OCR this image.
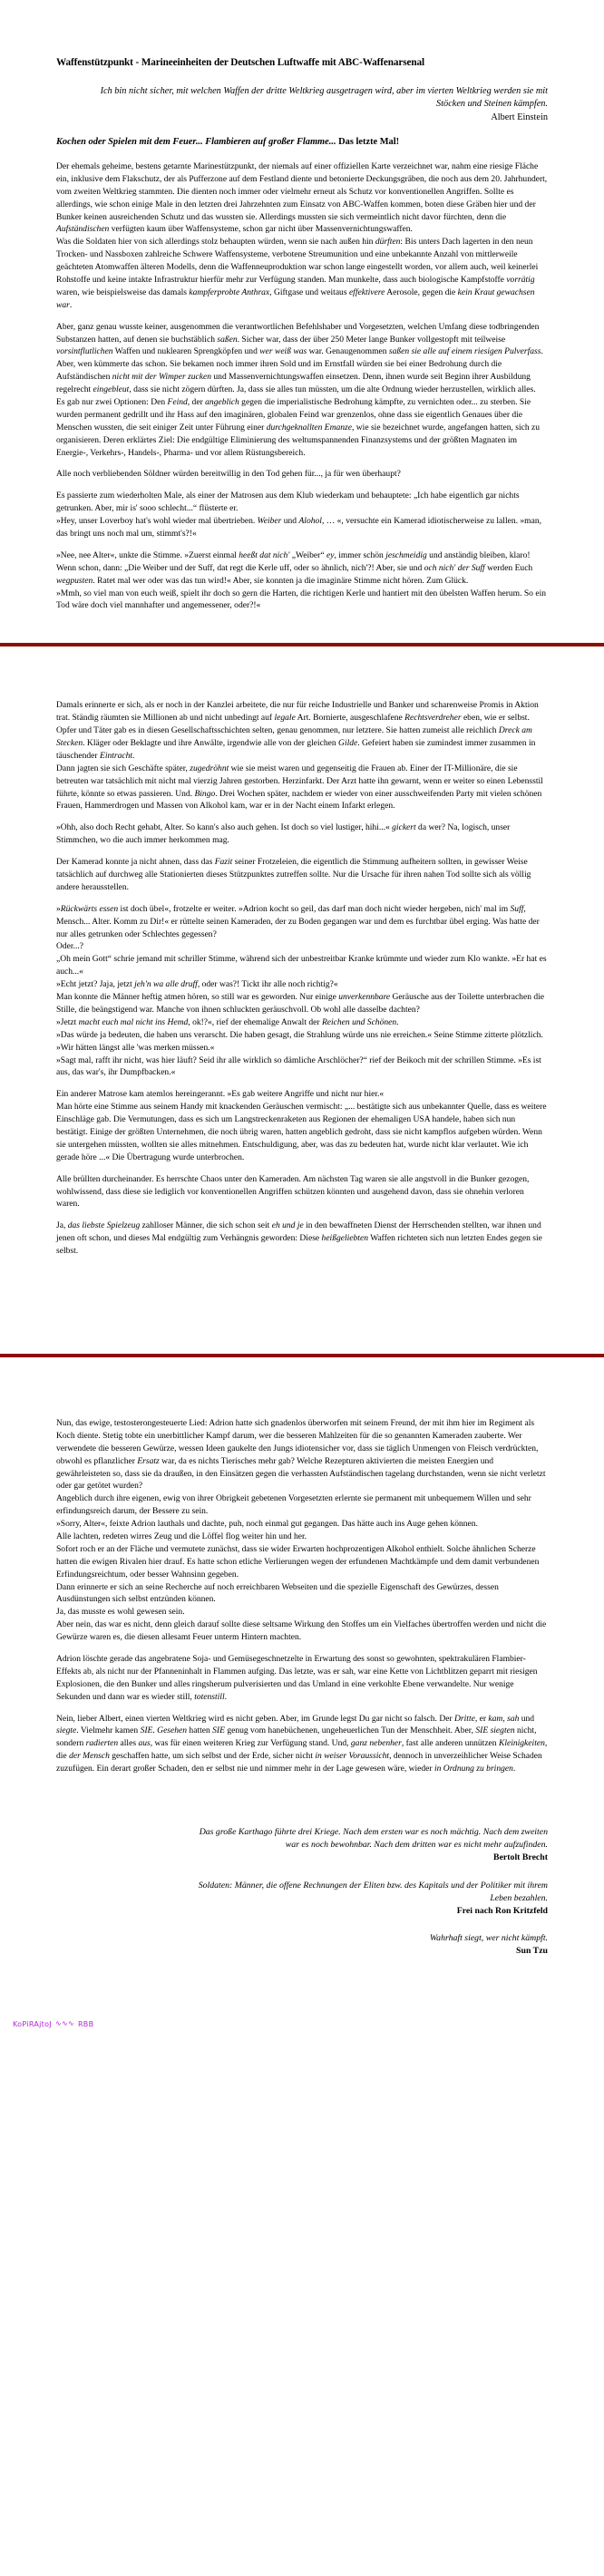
Waffenstützpunkt - Marineeinheiten der Deutschen Luftwaffe mit ABC-Waffenarsenal
Ich bin nicht sicher, mit welchen Waffen der dritte Weltkrieg ausgetragen wird, aber im vierten Weltkrieg werden sie mit Stöcken und Steinen kämpfen.
Albert Einstein
Kochen oder Spielen mit dem Feuer... Flambieren auf großer Flamme... Das letzte Mal!

Der ehemals geheime, bestens getarnte Marinestützpunkt, der niemals auf einer offiziellen Karte verzeichnet war, nahm eine riesige Fläche ein, inklusive dem Flakschutz, der als Pufferzone auf dem Festland diente und betonierte Deckungsgräben, die noch aus dem 20. Jahrhundert, vom zweiten Weltkrieg stammten. Die dienten noch immer oder vielmehr erneut als Schutz vor konventionellen Angriffen. Sollte es allerdings, wie schon einige Male in den letzten drei Jahrzehnten zum Einsatz von ABC-Waffen kommen, boten diese Gräben hier und der Bunker keinen ausreichenden Schutz und das wussten sie. Allerdings mussten sie sich vermeintlich nicht davor fürchten, denn die Aufständischen verfügten kaum über Waffensysteme, schon gar nicht über Massenvernichtungswaffen.

Was die Soldaten hier von sich allerdings stolz behaupten würden, wenn sie nach außen hin dürften: Bis unters Dach lagerten in den neun Trocken- und Nassboxen zahlreiche Schwere Waffensysteme, verbotene Streumunition und eine unbekannte Anzahl von mittlerweile geächteten Atomwaffen älteren Modells, denn die Waffenneuproduktion war schon lange eingestellt worden, vor allem auch, weil keinerlei Rohstoffe und keine intakte Infrastruktur hierfür mehr zur Verfügung standen. Man munkelte, dass auch biologische Kampfstoffe vorrätig waren, wie beispielsweise das damals kampferprobte Anthrax, Giftgase und weitaus effektivere Aerosole, gegen die kein Kraut gewachsen war.

Aber, ganz genau wusste keiner, ausgenommen die verantwortlichen Befehlshaber und Vorgesetzten, welchen Umfang diese todbringenden Substanzen hatten, auf denen sie buchstäblich saßen. Sicher war, dass der über 250 Meter lange Bunker vollgestopft mit teilweise vorsintflutlichen Waffen und nuklearen Sprengköpfen und wer weiß was war. Genaugenommen saßen sie alle auf einem riesigen Pulverfass. Aber, wen kümmerte das schon. Sie bekamen noch immer ihren Sold und im Ernstfall würden sie bei einer Bedrohung durch die Aufständischen nicht mit der Wimper zucken und Massenvernichtungswaffen einsetzen. Denn, ihnen wurde seit Beginn ihrer Ausbildung regelrecht eingebleut, dass sie nicht zögern dürften. Ja, dass sie alles tun müssten, um die alte Ordnung wieder herzustellen, wirklich alles.

Es gab nur zwei Optionen: Den Feind, der angeblich gegen die imperialistische Bedrohung kämpfte, zu vernichten oder... zu sterben. Sie wurden permanent gedrillt und ihr Hass auf den imaginären, globalen Feind war grenzenlos, ohne dass sie eigentlich Genaues über die Menschen wussten, die seit einiger Zeit unter Führung einer durchgeknallten Emanze, wie sie bezeichnet wurde, angefangen hatten, sich zu organisieren. Deren erklärtes Ziel: Die endgültige Eliminierung des weltumspannenden Finanzsystems und der größten Magnaten im Energie-, Verkehrs-, Handels-, Pharma- und vor allem Rüstungsbereich.

Alle noch verbliebenden Söldner würden bereitwillig in den Tod gehen für..., ja für wen überhaupt?

Es passierte zum wiederholten Male, als einer der Matrosen aus dem Klub wiederkam und behauptete: „Ich habe eigentlich gar nichts getrunken. Aber, mir is' sooo schlecht...“ flüsterte er.

»Hey, unser Loverboy hat's wohl wieder mal übertrieben. Weiber und Alohol, … «, versuchte ein Kamerad idiotischerweise zu lallen. »man, das bringt uns noch mal um, stimmt's?!«

»Nee, nee Alter«, unkte die Stimme. »Zuerst einmal heeßt dat nich' „Weiber“ ey, immer schön jeschmeidig und anständig bleiben, klaro! Wenn schon, dann: „Die Weiber und der Suff, dat regt die Kerle uff, oder so ähnlich, nich'?! Aber, sie und och nich' der Suff werden Euch wegpusten. Ratet mal wer oder was das tun wird!« Aber, sie konnten ja die imaginäre Stimme nicht hören. Zum Glück.

»Mmh, so viel man von euch weiß, spielt ihr doch so gern die Harten, die richtigen Kerle und hantiert mit den übelsten Waffen herum. So ein Tod wäre doch viel mannhafter und angemessener, oder?!«

Damals erinnerte er sich, als er noch in der Kanzlei arbeitete, die nur für reiche Industrielle und Banker und scharenweise Promis in Aktion trat. Ständig räumten sie Millionen ab und nicht unbedingt auf legale Art. Bornierte, ausgeschlafene Rechtsverdreher eben, wie er selbst. Opfer und Täter gab es in diesen Gesellschaftsschichten selten, genau genommen, nur letztere. Sie hatten zumeist alle reichlich Dreck am Stecken. Kläger oder Beklagte und ihre Anwälte, irgendwie alle von der gleichen Gilde. Gefeiert haben sie zumindest immer zusammen in täuschender Eintracht.

Dann jagten sie sich Geschäfte später, zugedröhnt wie sie meist waren und gegenseitig die Frauen ab. Einer der IT-Millionäre, die sie betreuten war tatsächlich mit nicht mal vierzig Jahren gestorben. Herzinfarkt. Der Arzt hatte ihn gewarnt, wenn er weiter so einen Lebensstil führte, könnte so etwas passieren. Und. Bingo. Drei Wochen später, nachdem er wieder von einer ausschweifenden Party mit vielen schönen Frauen, Hammerdrogen und Massen von Alkohol kam, war er in der Nacht einem Infarkt erlegen.

»Ohh, also doch Recht gehabt, Alter. So kann's also auch gehen. Ist doch so viel lustiger, hihi...« gickert da wer? Na, logisch, unser Stimmchen, wo die auch immer herkommen mag.

Der Kamerad konnte ja nicht ahnen, dass das Fazit seiner Frotzeleien, die eigentlich die Stimmung aufheitern sollten, in gewisser Weise tatsächlich auf durchweg alle Stationierten dieses Stützpunktes zutreffen sollte. Nur die Ursache für ihren nahen Tod sollte sich als völlig andere herausstellen.

»Rückwärts essen ist doch übel«, frotzelte er weiter. »Adrion kocht so geil, das darf man doch nicht wieder hergeben, nich' mal im Suff, Mensch... Alter. Komm zu Dir!« er rüttelte seinen Kameraden, der zu Boden gegangen war und dem es furchtbar übel erging. Was hatte der nur alles getrunken oder Schlechtes gegessen?

Oder...?

„Oh mein Gott“ schrie jemand mit schriller Stimme, während sich der unbestreitbar Kranke krümmte und wieder zum Klo wankte. »Er hat es auch...«

»Echt jetzt? Jaja, jetzt jeh'n wa alle druff, oder was?! Tickt ihr alle noch richtig?«

Man konnte die Männer heftig atmen hören, so still war es geworden. Nur einige unverkennbare Geräusche aus der Toilette unterbrachen die Stille, die beängstigend war. Manche von ihnen schluckten geräuschvoll. Ob wohl alle dasselbe dachten?

»Jetzt macht euch mal nicht ins Hemd, ok!?«, rief der ehemalige Anwalt der Reichen und Schönen.

»Das würde ja bedeuten, die haben uns verarscht. Die haben gesagt, die Strahlung würde uns nie erreichen.« Seine Stimme zitterte plötzlich. »Wir hätten längst alle 'was merken müssen.«

»Sagt mal, rafft ihr nicht, was hier läuft? Seid ihr alle wirklich so dämliche Arschlöcher?“ rief der Beikoch mit der schrillen Stimme. »Es ist aus, das war's, ihr Dumpfbacken.«

Ein anderer Matrose kam atemlos hereingerannt. »Es gab weitere Angriffe und nicht nur hier.«

Man hörte eine Stimme aus seinem Handy mit knackenden Geräuschen vermischt: „... bestätigte sich aus unbekannter Quelle, dass es weitere Einschläge gab. Die Vermutungen, dass es sich um Langstreckenraketen aus Regionen der ehemaligen USA handele, haben sich nun bestätigt. Einige der größten Unternehmen, die noch übrig waren, hatten angeblich gedroht, dass sie nicht kampflos aufgeben würden. Wenn sie untergehen müssten, wollten sie alles mitnehmen. Entschuldigung, aber, was das zu bedeuten hat, wurde nicht klar verlautet. Wie ich gerade höre ...« Die Übertragung wurde unterbrochen.

Alle brüllten durcheinander. Es herrschte Chaos unter den Kameraden. Am nächsten Tag waren sie alle angstvoll in die Bunker gezogen, wohlwissend, dass diese sie lediglich vor konventionellen Angriffen schützen könnten und ausgehend davon, dass sie ohnehin verloren waren.

Ja, das liebste Spielzeug zahlloser Männer, die sich schon seit eh und je in den bewaffneten Dienst der Herrschenden stellten, war ihnen und jenen oft schon, und dieses Mal endgültig zum Verhängnis geworden: Diese heißgeliebten Waffen richteten sich nun letzten Endes gegen sie selbst.

Nun, das ewige, testosterongesteuerte Lied: Adrion hatte sich gnadenlos überworfen mit seinem Freund, der mit ihm hier im Regiment als Koch diente. Stetig tobte ein unerbittlicher Kampf darum, wer die besseren Mahlzeiten für die so genannten Kameraden zauberte. Wer verwendete die besseren Gewürze, wessen Ideen gaukelte den Jungs idiotensicher vor, dass sie täglich Unmengen von Fleisch verdrückten, obwohl es pflanzlicher Ersatz war, da es nichts Tierisches mehr gab? Welche Rezepturen aktivierten die meisten Energien und gewährleisteten so, dass sie da draußen, in den Einsätzen gegen die verhassten Aufständischen tagelang durchstanden, wenn sie nicht verletzt oder gar getötet wurden?

Angeblich durch ihre eigenen, ewig von ihrer Obrigkeit gebetenen Vorgesetzten erlernte sie permanent mit unbequemem Willen und sehr erfindungsreich darum, der Bessere zu sein.

»Sorry, Alter«, feixte Adrion lauthals und dachte, puh, noch einmal gut gegangen. Das hätte auch ins Auge gehen können.

Alle lachten, redeten wirres Zeug und die Löffel flog weiter hin und her.

Sofort roch er an der Fläche und vermutete zunächst, dass sie wider Erwarten hochprozentigen Alkohol enthielt. Solche ähnlichen Scherze hatten die ewigen Rivalen hier drauf. Es hatte schon etliche Verlierungen wegen der erfundenen Machtkämpfe und dem damit verbundenen Erfindungsreichtum, oder besser Wahnsinn gegeben.

Dann erinnerte er sich an seine Recherche auf noch erreichbaren Webseiten und die spezielle Eigenschaft des Gewürzes, dessen Ausdünstungen sich selbst entzünden können.

Ja, das musste es wohl gewesen sein.

Aber nein, das war es nicht, denn gleich darauf sollte diese seltsame Wirkung den Stoffes um ein Vielfaches übertroffen werden und nicht die Gewürze waren es, die diesen allesamt Feuer unterm Hintern machten.

Adrion löschte gerade das angebratene Soja- und Gemüsegeschnetzelte in Erwartung des sonst so gewohnten, spektrakulären Flambier-Effekts ab, als nicht nur der Pfanneninhalt in Flammen aufging. Das letzte, was er sah, war eine Kette von Lichtblitzen geparrt mit riesigen Explosionen, die den Bunker und alles ringsherum pulverisierten und das Umland in eine verkohlte Ebene verwandelte. Nur wenige Sekunden und dann war es wieder still, totenstill.

Nein, lieber Albert, einen vierten Weltkrieg wird es nicht geben. Aber, im Grunde legst Du gar nicht so falsch. Der Dritte, er kam, sah und siegte. Vielmehr kamen SIE. Gesehen hatten SIE genug vom hanebüchenen, ungeheuerlichen Tun der Menschheit. Aber, SIE siegten nicht, sondern radierten alles aus, was für einen weiteren Krieg zur Verfügung stand. Und, ganz nebenher, fast alle anderen unnützen Kleinigkeiten, die der Mensch geschaffen hatte, um sich selbst und der Erde, sicher nicht in weiser Voraussicht, dennoch in unverzeihlicher Weise Schaden zuzufügen. Ein derart großer Schaden, den er selbst nie und nimmer mehr in der Lage gewesen wäre, wieder in Ordnung zu bringen.

Das große Karthago führte drei Kriege. Nach dem ersten war es noch mächtig. Nach dem zweiten

war es noch bewohnbar. Nach dem dritten war es nicht mehr aufzufinden.

Bertolt Brecht

Soldaten: Männer, die offene Rechnungen der Eliten bzw. des Kapitals und der Politiker mit ihrem

Leben bezahlen.

Frei nach Ron Kritzfeld

Wahrhaft siegt, wer nicht kämpft.

Sun Tzu

KoPiRAjtoJ ∿∿∿ RBB
